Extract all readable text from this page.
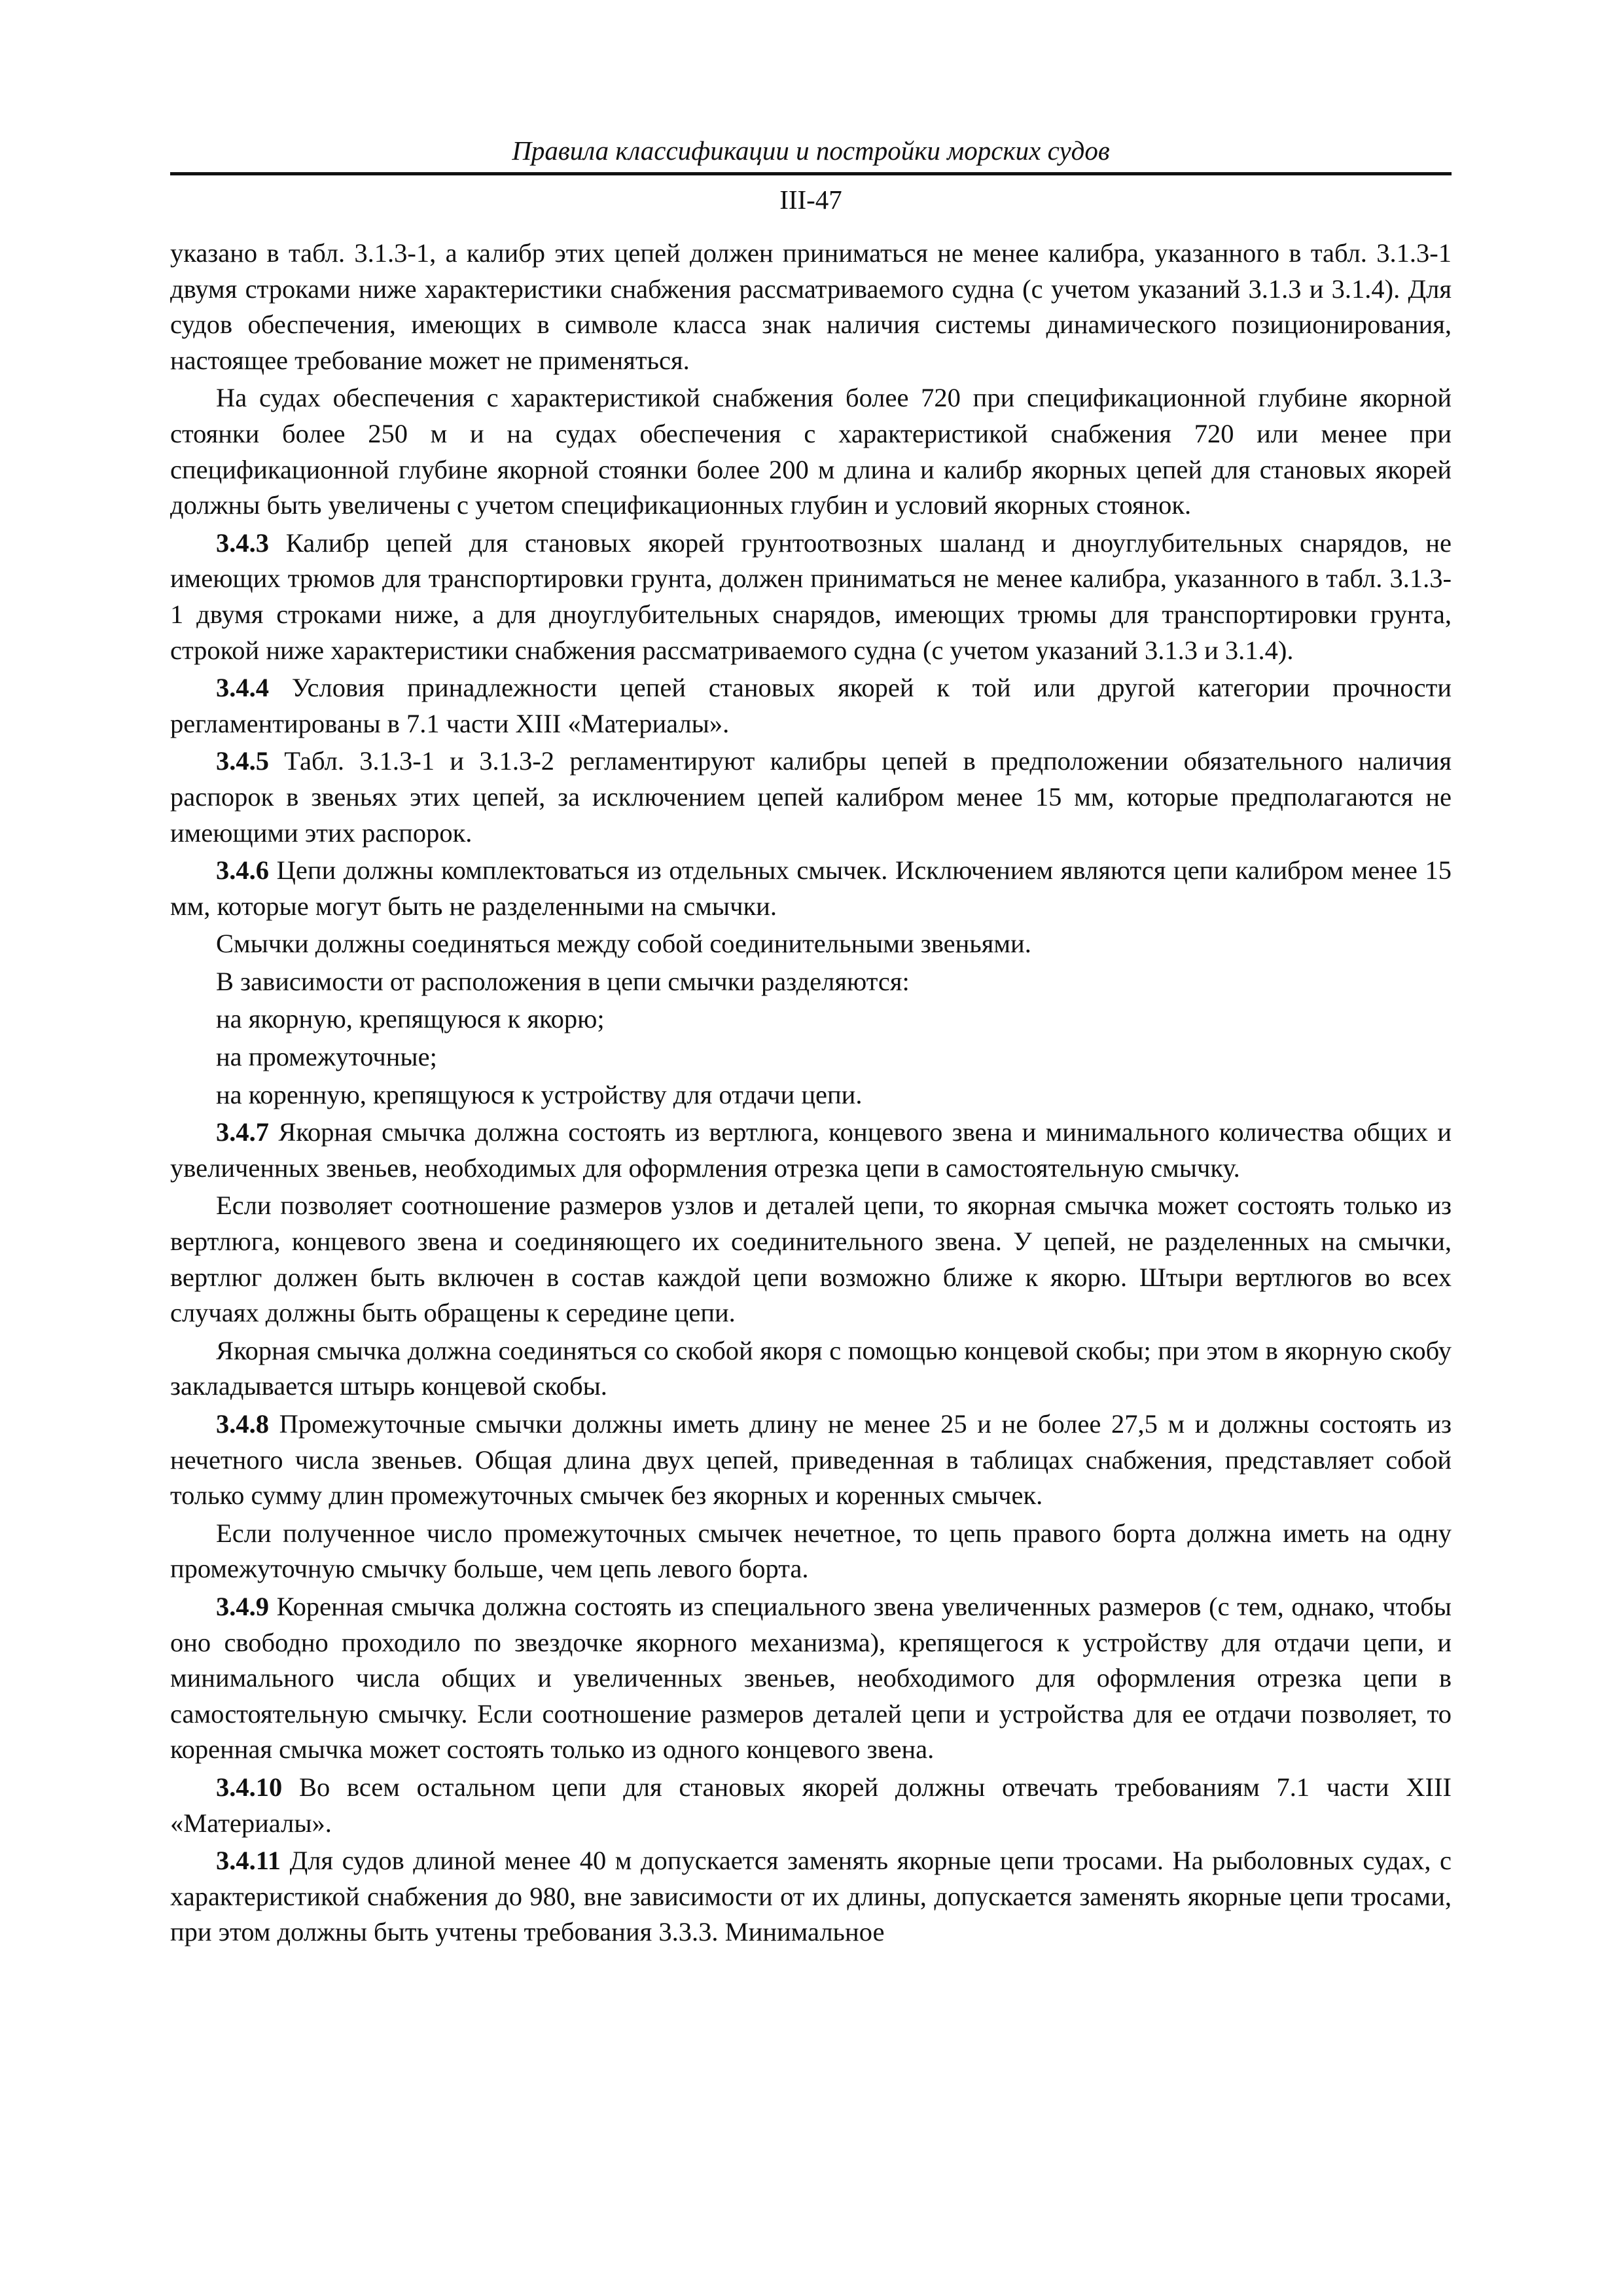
Правила классификации и постройки морских судов
III-47

указано в табл. 3.1.3-1, а калибр этих цепей должен приниматься не менее калибра, указанного в табл. 3.1.3-1 двумя строками ниже характеристики снабжения рассматриваемого судна (с учетом указаний 3.1.3 и 3.1.4). Для судов обеспечения, имеющих в символе класса знак наличия системы динамического позиционирования, настоящее требование может не применяться.

На судах обеспечения с характеристикой снабжения более 720 при спецификационной глубине якорной стоянки более 250 м и на судах обеспечения с характеристикой снабжения 720 или менее при спецификационной глубине якорной стоянки более 200 м длина и калибр якорных цепей для становых якорей должны быть увеличены с учетом спецификационных глубин и условий якорных стоянок.

3.4.3 Калибр цепей для становых якорей грунтоотвозных шаланд и дноуглубительных снарядов, не имеющих трюмов для транспортировки грунта, должен приниматься не менее калибра, указанного в табл. 3.1.3-1 двумя строками ниже, а для дноуглубительных снарядов, имеющих трюмы для транспортировки грунта, строкой ниже характеристики снабжения рассматриваемого судна (с учетом указаний 3.1.3 и 3.1.4).

3.4.4 Условия принадлежности цепей становых якорей к той или другой категории прочности регламентированы в 7.1 части XIII «Материалы».

3.4.5 Табл. 3.1.3-1 и 3.1.3-2 регламентируют калибры цепей в предположении обязательного наличия распорок в звеньях этих цепей, за исключением цепей калибром менее 15 мм, которые предполагаются не имеющими этих распорок.

3.4.6 Цепи должны комплектоваться из отдельных смычек. Исключением являются цепи калибром менее 15 мм, которые могут быть не разделенными на смычки.

Смычки должны соединяться между собой соединительными звеньями.

В зависимости от расположения в цепи смычки разделяются:

на якорную, крепящуюся к якорю;

на промежуточные;

на коренную, крепящуюся к устройству для отдачи цепи.

3.4.7 Якорная смычка должна состоять из вертлюга, концевого звена и минимального количества общих и увеличенных звеньев, необходимых для оформления отрезка цепи в самостоятельную смычку.

Если позволяет соотношение размеров узлов и деталей цепи, то якорная смычка может состоять только из вертлюга, концевого звена и соединяющего их соединительного звена. У цепей, не разделенных на смычки, вертлюг должен быть включен в состав каждой цепи возможно ближе к якорю. Штыри вертлюгов во всех случаях должны быть обращены к середине цепи.

Якорная смычка должна соединяться со скобой якоря с помощью концевой скобы; при этом в якорную скобу закладывается штырь концевой скобы.

3.4.8 Промежуточные смычки должны иметь длину не менее 25 и не более 27,5 м и должны состоять из нечетного числа звеньев. Общая длина двух цепей, приведенная в таблицах снабжения, представляет собой только сумму длин промежуточных смычек без якорных и коренных смычек.

Если полученное число промежуточных смычек нечетное, то цепь правого борта должна иметь на одну промежуточную смычку больше, чем цепь левого борта.

3.4.9 Коренная смычка должна состоять из специального звена увеличенных размеров (с тем, однако, чтобы оно свободно проходило по звездочке якорного механизма), крепящегося к устройству для отдачи цепи, и минимального числа общих и увеличенных звеньев, необходимого для оформления отрезка цепи в самостоятельную смычку. Если соотношение размеров деталей цепи и устройства для ее отдачи позволяет, то коренная смычка может состоять только из одного концевого звена.

3.4.10 Во всем остальном цепи для становых якорей должны отвечать требованиям 7.1 части XIII «Материалы».

3.4.11 Для судов длиной менее 40 м допускается заменять якорные цепи тросами. На рыболовных судах, с характеристикой снабжения до 980, вне зависимости от их длины, допускается заменять якорные цепи тросами, при этом должны быть учтены требования 3.3.3. Минимальное
